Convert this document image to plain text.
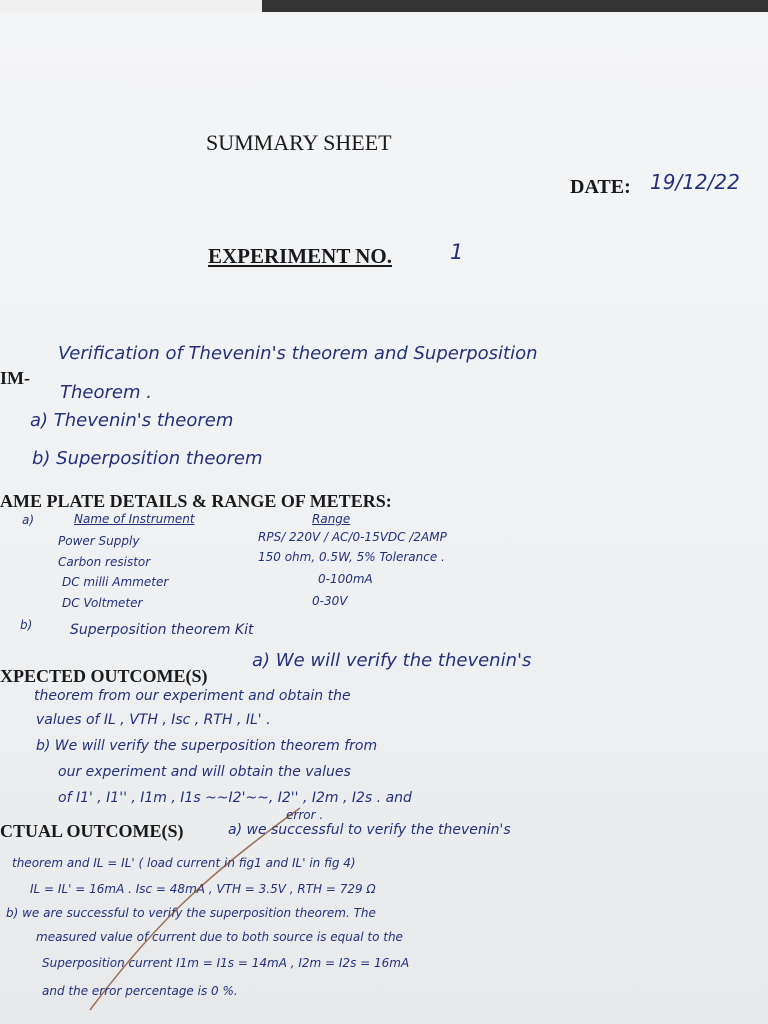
SUMMARY SHEET
DATE: 19/12/22
EXPERIMENT NO.	1
IM-
Verification of Thevenin's theorem and Superposition
Theorem .
a) Thevenin's theorem
b) Superposition theorem
AME PLATE DETAILS & RANGE OF METERS:
a)	Name of Instrument	Range
Power Supply	RPS/ 220V / AC/0-15VDC /2AMP
Carbon resistor	150 ohm, 0.5W, 5% Tolerance .
DC milli Ammeter	0-100mA
DC Voltmeter	0-30V
b)	Superposition theorem Kit
XPECTED OUTCOME(S)
a) We will verify the thevenin's
theorem from our experiment and obtain the
values of IL , VTH , Isc , RTH , IL' .
b) We will verify the superposition theorem from
our experiment and will obtain the values
of I1' , I1'' , I1m , I1s ~~I2'~~, I2'' , I2m , I2s . and
error .
CTUAL OUTCOME(S)	a) we successful to verify the thevenin's
theorem and IL = IL' ( load current in fig1 and IL' in fig 4)
IL = IL' = 16mA . Isc = 48mA , VTH = 3.5V , RTH = 729 Ω
b) we are successful to verify the superposition theorem. The
measured value of current due to both source is equal to the
Superposition current I1m = I1s = 14mA , I2m = I2s = 16mA
and the error percentage is 0 %.
